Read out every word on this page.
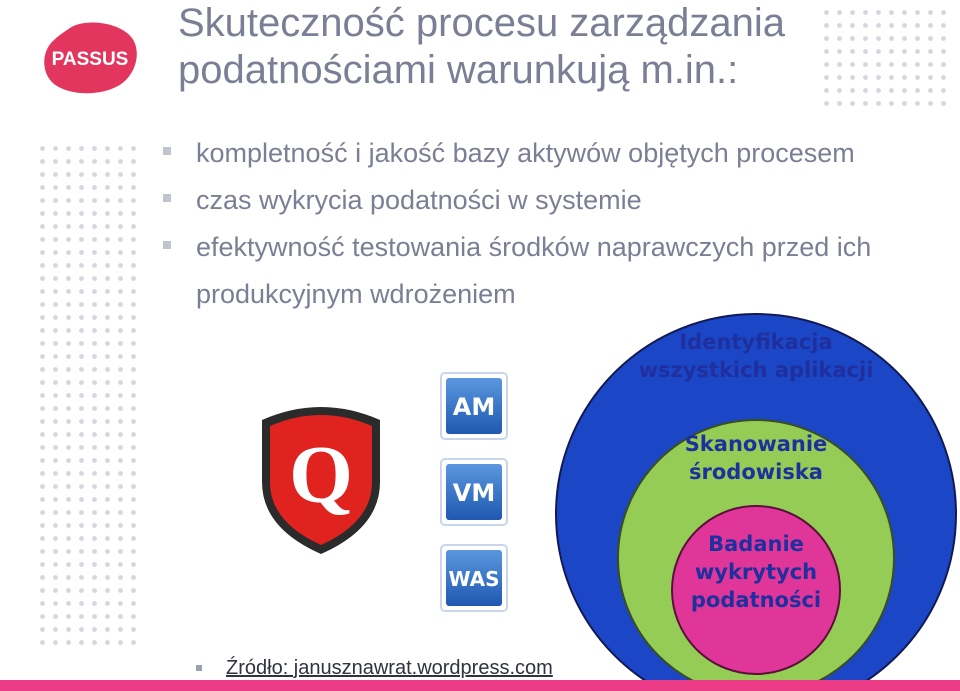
PASSUS
Skuteczność procesu zarządzania
podatnościami warunkują m.in.:
kompletność i jakość bazy aktywów objętych procesem
czas wykrycia podatności w systemie
efektywność testowania środków naprawczych przed ich produkcyjnym wdrożeniem
Q
AM
VM
WAS

Identyfikacja
wszystkich aplikacji

Skanowanie
środowiska

Badanie
wykrytych
podatności

Źródło: janusznawrat.wordpress.com
